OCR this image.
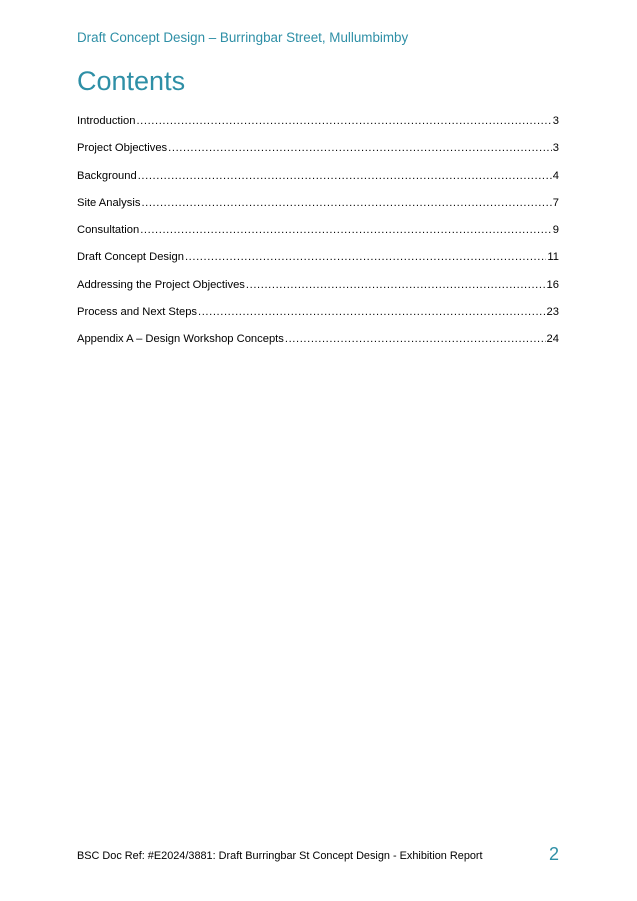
Draft Concept Design – Burringbar Street, Mullumbimby
Contents
Introduction .....	3
Project Objectives .....	3
Background .....	4
Site Analysis .....	7
Consultation .....	9
Draft Concept Design .....	11
Addressing the Project Objectives .....	16
Process and Next Steps .....	23
Appendix A – Design Workshop Concepts .....	24
BSC Doc Ref: #E2024/3881: Draft Burringbar St Concept Design - Exhibition Report	2
